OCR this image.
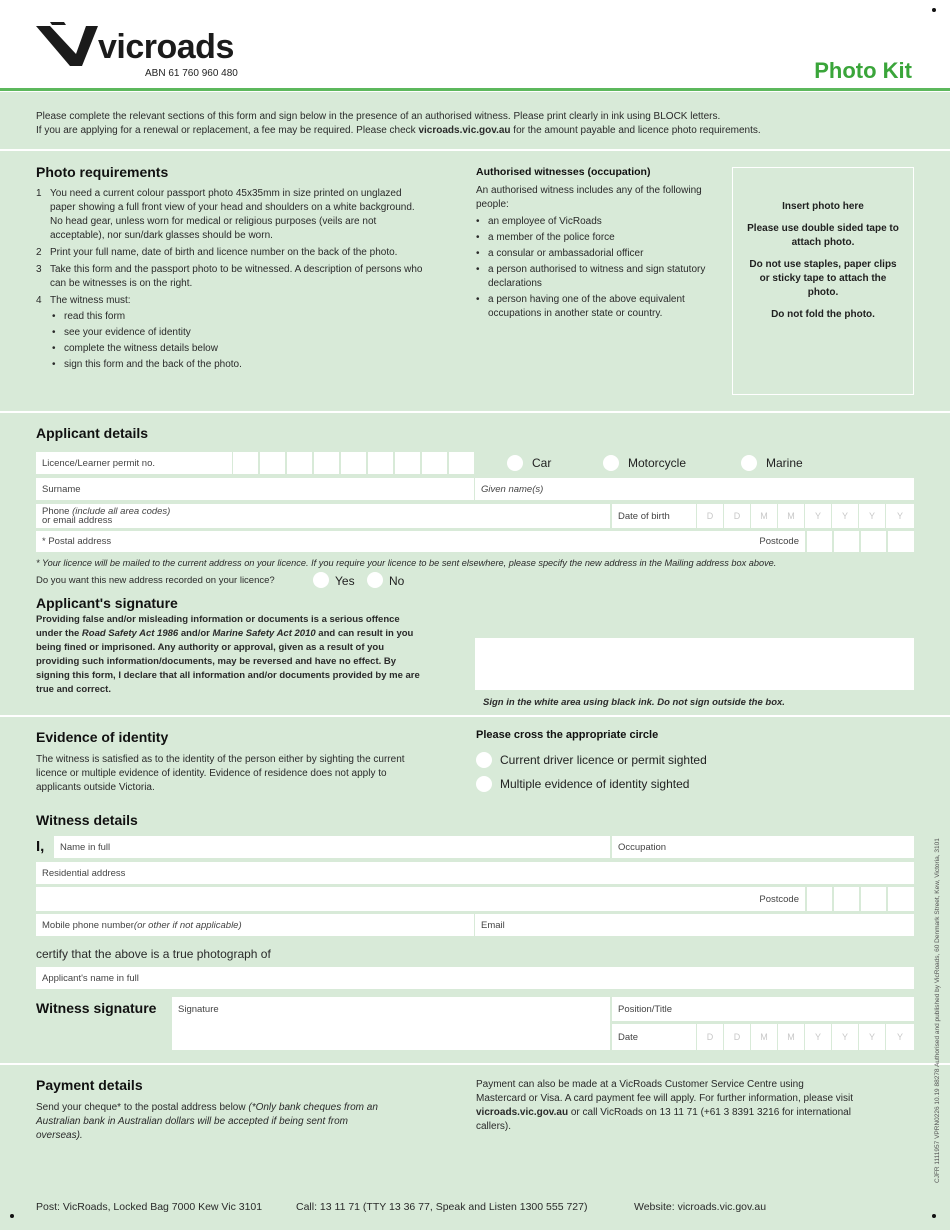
vicroads
ABN 61 760 960 480	Photo Kit
Please complete the relevant sections of this form and sign below in the presence of an authorised witness. Please print clearly in ink using BLOCK letters.
If you are applying for a renewal or replacement, a fee may be required. Please check vicroads.vic.gov.au for the amount payable and licence photo requirements.
Photo requirements
1 You need a current colour passport photo 45x35mm in size printed on unglazed paper showing a full front view of your head and shoulders on a white background. No head gear, unless worn for medical or religious purposes (veils are not acceptable), nor sun/dark glasses should be worn.
2 Print your full name, date of birth and licence number on the back of the photo.
3 Take this form and the passport photo to be witnessed. A description of persons who can be witnesses is on the right.
4 The witness must:
• read this form
• see your evidence of identity
• complete the witness details below
• sign this form and the back of the photo.
Authorised witnesses (occupation)
An authorised witness includes any of the following people:
• an employee of VicRoads
• a member of the police force
• a consular or ambassadorial officer
• a person authorised to witness and sign statutory declarations
• a person having one of the above equivalent occupations in another state or country.
Insert photo here
Please use double sided tape to attach photo.
Do not use staples, paper clips or sticky tape to attach the photo.
Do not fold the photo.
Applicant details
Licence/Learner permit no.	Car	Motorcycle	Marine
Surname	Given name(s)
Phone (include all area codes)
or email address	Date of birth	D	D	M	M	Y	Y	Y	Y
* Postal address	Postcode
* Your licence will be mailed to the current address on your licence. If you require your licence to be sent elsewhere, please specify the new address in the Mailing address box above.
Do you want this new address recorded on your licence?	Yes	No
Applicant's signature
Providing false and/or misleading information or documents is a serious offence under the Road Safety Act 1986 and/or Marine Safety Act 2010 and can result in you being fined or imprisoned. Any authority or approval, given as a result of you providing such information/documents, may be reversed and have no effect. By signing this form, I declare that all information and/or documents provided by me are true and correct.
Sign in the white area using black ink. Do not sign outside the box.
Evidence of identity
The witness is satisfied as to the identity of the person either by sighting the current licence or multiple evidence of identity. Evidence of residence does not apply to applicants outside Victoria.
Please cross the appropriate circle
Current driver licence or permit sighted
Multiple evidence of identity sighted
Witness details
I,	Name in full	Occupation
Residential address
Postcode
Mobile phone number (or other if not applicable)	Email
certify that the above is a true photograph of
Applicant's name in full
Witness signature	Signature	Position/Title
Date	D	D	M	M	Y	Y	Y	Y
Payment details
Send your cheque* to the postal address below (*Only bank cheques from an Australian bank in Australian dollars will be accepted if being sent from overseas).
Payment can also be made at a VicRoads Customer Service Centre using Mastercard or Visa. A card payment fee will apply. For further information, please visit vicroads.vic.gov.au or call VicRoads on 13 11 71 (+61 3 8391 3216 for international callers).
Post: VicRoads, Locked Bag 7000 Kew Vic 3101	Call: 13 11 71 (TTY 13 36 77, Speak and Listen 1300 555 727)	Website: vicroads.vic.gov.au
CJFR 1111957 VPRN0226 10.19 88278 Authorised and published by VicRoads, 60 Denmark Street, Kew, Victoria, 3101
